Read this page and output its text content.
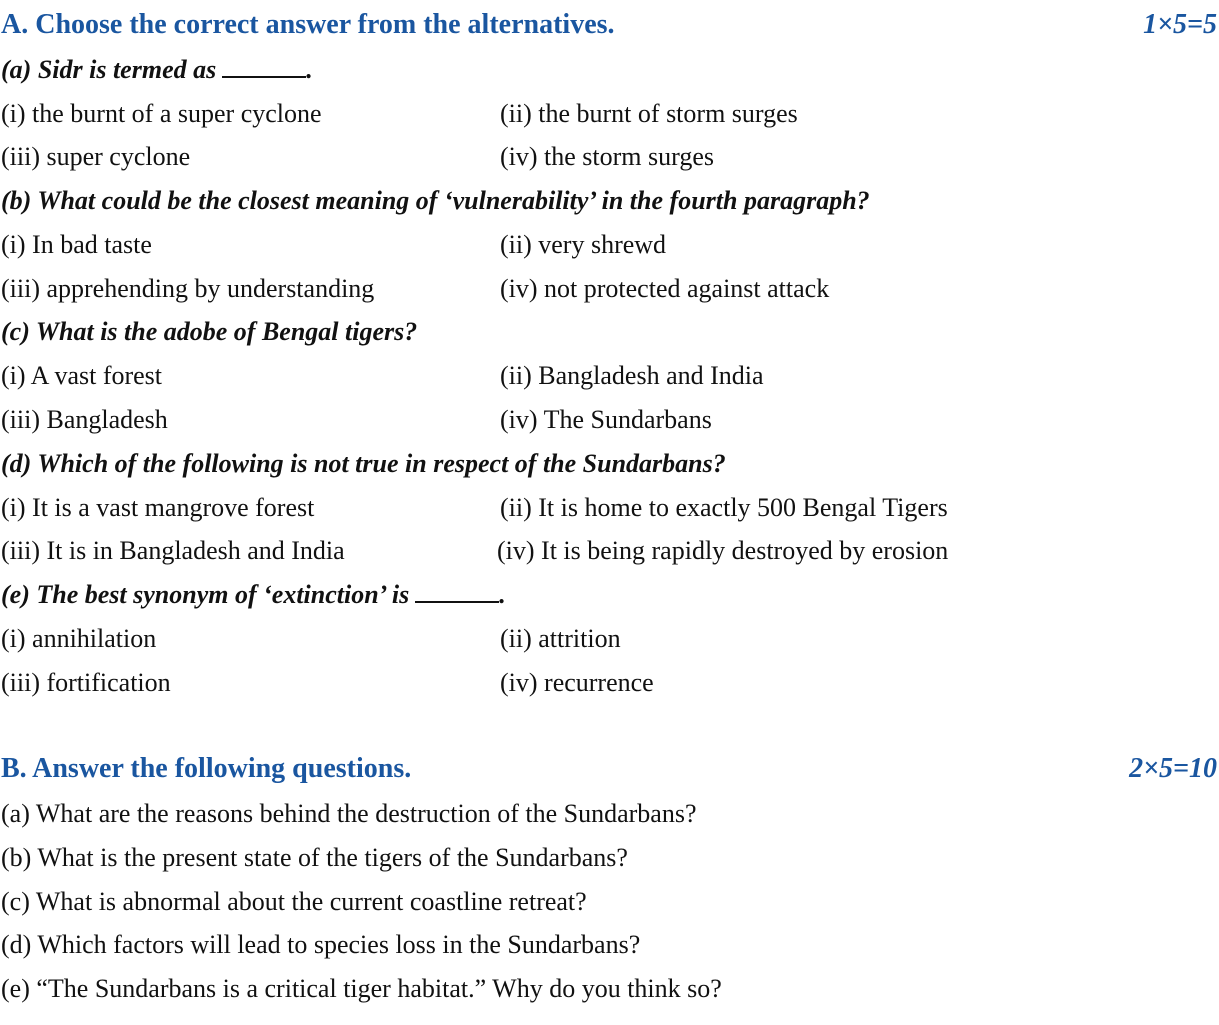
A. Choose the correct answer from the alternatives.	1×5=5
(a) Sidr is termed as	.
(i) the burnt of a super cyclone	(ii) the burnt of storm surges
(iii) super cyclone	(iv) the storm surges
(b) What could be the closest meaning of ‘vulnerability’ in the fourth paragraph?
(i) In bad taste	(ii) very shrewd
(iii) apprehending by understanding	(iv) not protected against attack
(c) What is the adobe of Bengal tigers?
(i) A vast forest	(ii) Bangladesh and India
(iii) Bangladesh	(iv) The Sundarbans
(d) Which of the following is not true in respect of the Sundarbans?
(i) It is a vast mangrove forest	(ii) It is home to exactly 500 Bengal Tigers
(iii) It is in Bangladesh and India	(iv) It is being rapidly destroyed by erosion
(e) The best synonym of ‘extinction’ is	.
(i) annihilation	(ii) attrition
(iii) fortification	(iv) recurrence
B. Answer the following questions.	2×5=10
(a) What are the reasons behind the destruction of the Sundarbans?
(b) What is the present state of the tigers of the Sundarbans?
(c) What is abnormal about the current coastline retreat?
(d) Which factors will lead to species loss in the Sundarbans?
(e) “The Sundarbans is a critical tiger habitat.” Why do you think so?
